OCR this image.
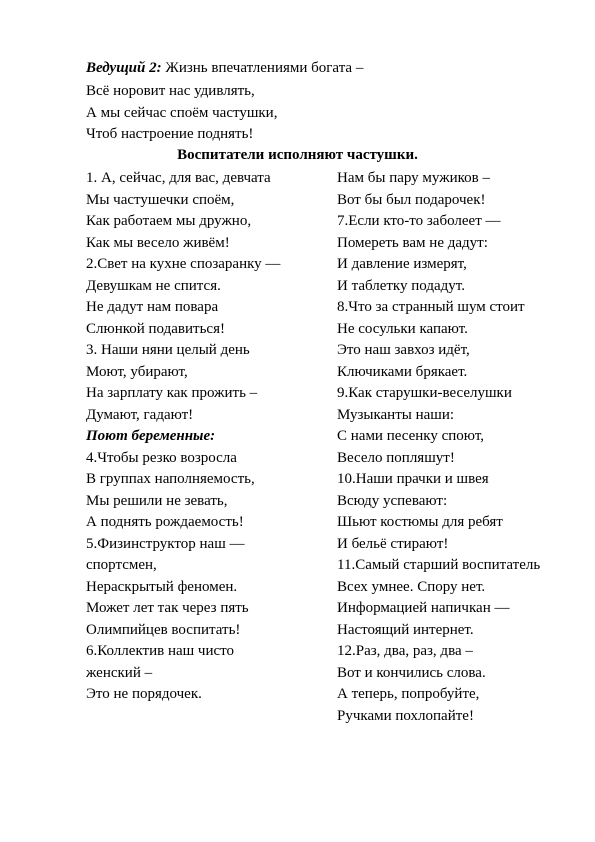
Ведущий 2: Жизнь впечатлениями богата –
Всё норовит нас удивлять,
А мы сейчас споём частушки,
Чтоб настроение поднять!
Воспитатели исполняют частушки.
1. А, сейчас, для вас, девчата
Мы частушечки споём,
Как работаем мы дружно,
Как мы весело живём!
2.Свет на кухне спозаранку —
Девушкам не спится.
Не дадут нам повара
Слюнкой подавиться!
3. Наши няни целый день
Моют, убирают,
На зарплату как прожить –
Думают, гадают!
Поют беременные:
4.Чтобы резко возросла
В группах наполняемость,
Мы решили не зевать,
А поднять рождаемость!
5.Физинструктор наш —
спортсмен,
Нераскрытый феномен.
Может лет так через пять
Олимпийцев воспитать!
6.Коллектив наш чисто
женский –
Это не порядочек.
Нам бы пару мужиков –
Вот бы был подарочек!
7.Если кто-то заболеет —
Помереть вам не дадут:
И давление измерят,
И таблетку подадут.
8.Что за странный шум стоит
Не сосульки капают.
Это наш завхоз идёт,
Ключиками брякает.
9.Как старушки-веселушки
Музыканты наши:
С нами песенку споют,
Весело попляшут!
10.Наши прачки и швея
Всюду успевают:
Шьют костюмы для ребят
И бельё стирают!
11.Самый старший воспитатель
Всех умнее. Спору нет.
Информацией напичкан —
Настоящий интернет.
12.Раз, два, раз, два –
Вот и кончились слова.
А теперь, попробуйте,
Ручками похлопайте!
